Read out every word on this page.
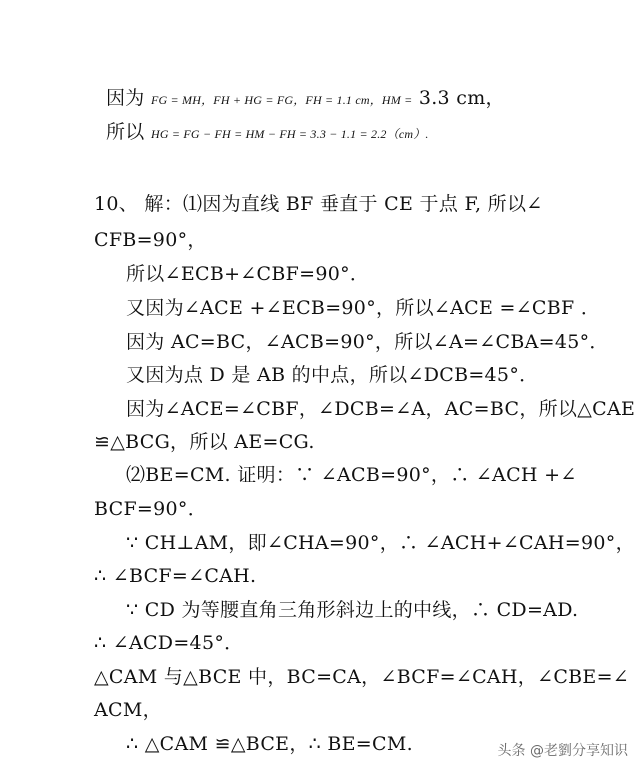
因为 FG = MH，FH + HG = FG，FH = 1.1 cm，HM = 3.3 cm，
所以 HG = FG − FH = HM − FH = 3.3 − 1.1 = 2.2（cm）.
10、 解：⑴因为直线 BF 垂直于 CE 于点 F, 所以∠
CFB=90°，
所以∠ECB+∠CBF=90°．
又因为∠ACE +∠ECB=90°，所以∠ACE =∠CBF ．
因为 AC=BC，∠ACB=90°，所以∠A=∠CBA=45°．
又因为点 D 是 AB 的中点，所以∠DCB=45°．
因为∠ACE=∠CBF，∠DCB=∠A，AC=BC，所以△CAE
≌△BCG，所以 AE=CG.
⑵BE=CM. 证明：∵ ∠ACB=90°，∴ ∠ACH +∠
BCF=90°．
∵ CH⊥AM，即∠CHA=90°，∴ ∠ACH+∠CAH=90°，
∴ ∠BCF=∠CAH.
∵ CD 为等腰直角三角形斜边上的中线，∴ CD=AD.
∴ ∠ACD=45°．
△CAM 与△BCE 中，BC=CA，∠BCF=∠CAH，∠CBE=∠
ACM，
∴ △CAM ≌△BCE，∴ BE=CM.	头条 @老劉分享知识
